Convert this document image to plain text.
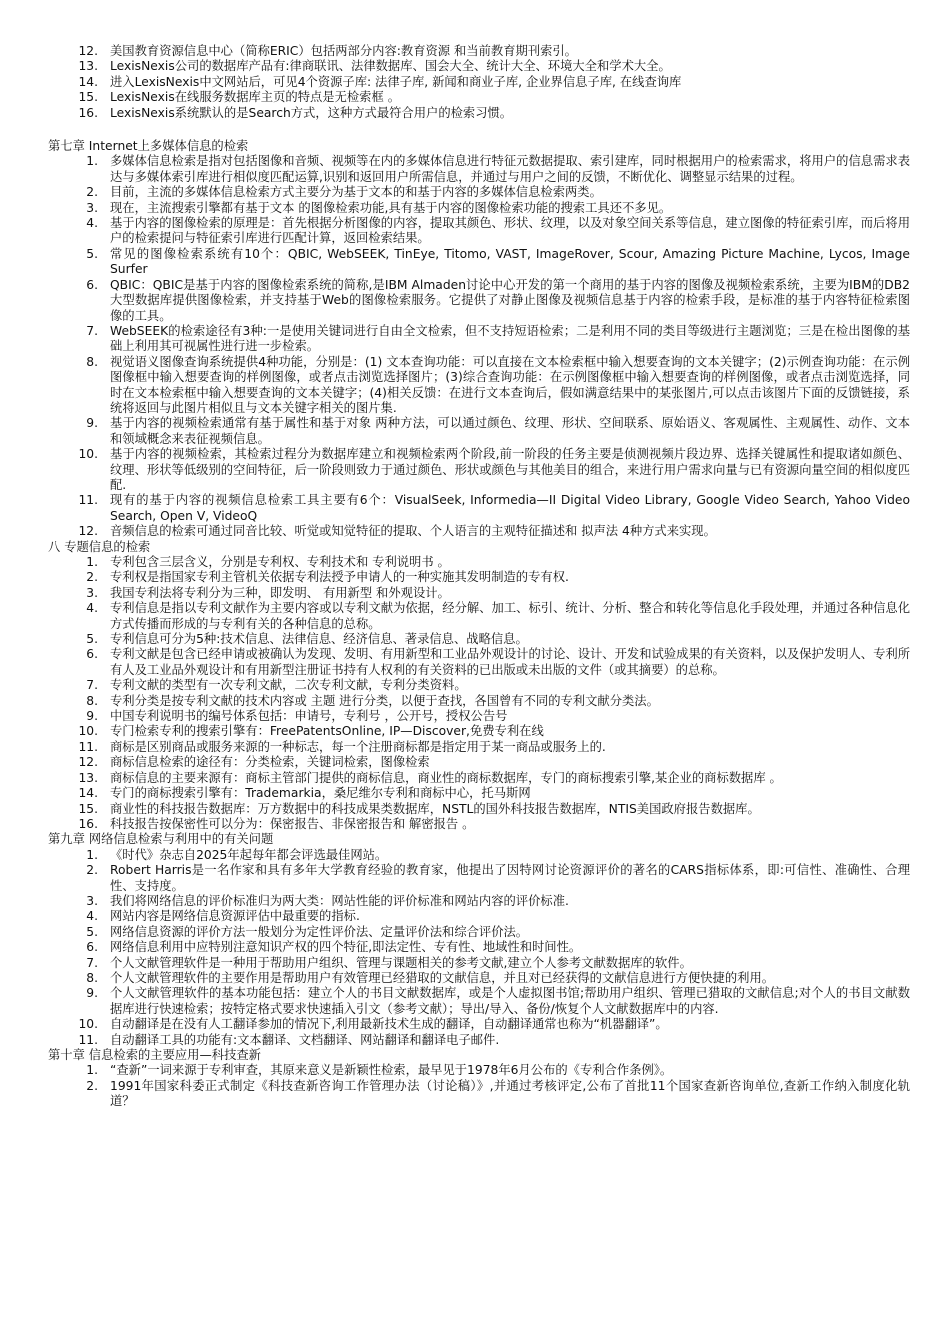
12. 美国教育资源信息中心（简称ERIC）包括两部分内容:教育资源 和当前教育期刊索引。
13. LexisNexis公司的数据库产品有:律商联讯、法律数据库、国会大全、统计大全、环境大全和学术大全。
14. 进入LexisNexis中文网站后，可见4个资源子库: 法律子库, 新闻和商业子库, 企业界信息子库, 在线查询库
15. LexisNexis在线服务数据库主页的特点是无检索框 。
16. LexisNexis系统默认的是Search方式，这种方式最符合用户的检索习惯。
第七章 Internet上多媒体信息的检索
1. 多媒体信息检索是指对包括图像和音频、视频等在内的多媒体信息进行特征元数据提取、索引建库，同时根据用户的检索需求，将用户的信息需求表达与多媒体索引库进行相似度匹配运算,识别和返回用户所需信息，并通过与用户之间的反馈，不断优化、调整显示结果的过程。
2. 目前，主流的多媒体信息检索方式主要分为基于文本的和基于内容的多媒体信息检索两类。
3. 现在，主流搜索引擎都有基于文本 的图像检索功能,具有基于内容的图像检索功能的搜索工具还不多见。
4. 基于内容的图像检索的原理是：首先根据分析图像的内容，提取其颜色、形状、纹理，以及对象空间关系等信息，建立图像的特征索引库，而后将用户的检索提问与特征索引库进行匹配计算，返回检索结果。
5. 常见的图像检索系统有10个：QBIC, WebSEEK, TinEye, Titomo, VAST, ImageRover, Scour, Amazing Picture Machine, Lycos, Image Surfer
6. QBIC：QBIC是基于内容的图像检索系统的简称,是IBM Almaden讨论中心开发的第一个商用的基于内容的图像及视频检索系统，主要为IBM的DB2大型数据库提供图像检索，并支持基于Web的图像检索服务。它提供了对静止图像及视频信息基于内容的检索手段，是标准的基于内容特征检索图像的工具。
7. WebSEEK的检索途径有3种:一是使用关键词进行自由全文检索，但不支持短语检索；二是利用不同的类目等级进行主题浏览；三是在检出图像的基础上利用其可视属性进行进一步检索。
8. 视觉语义图像查询系统提供4种功能，分别是：(1) 文本查询功能：可以直接在文本检索框中输入想要查询的文本关键字；(2)示例查询功能：在示例图像框中输入想要查询的样例图像，或者点击浏览选择图片；(3)综合查询功能：在示例图像框中输入想要查询的样例图像，或者点击浏览选择，同时在文本检索框中输入想要查询的文本关键字；(4)相关反馈：在进行文本查询后，假如满意结果中的某张图片,可以点击该图片下面的反馈链接，系统将返回与此图片相似且与文本关键字相关的图片集.
9. 基于内容的视频检索通常有基于属性和基于对象 两种方法，可以通过颜色、纹理、形状、空间联系、原始语义、客观属性、主观属性、动作、文本和领域概念来表征视频信息。
10. 基于内容的视频检索，其检索过程分为数据库建立和视频检索两个阶段,前一阶段的任务主要是侦测视频片段边界、选择关键属性和提取诸如颜色、纹理、形状等低级别的空间特征，后一阶段则致力于通过颜色、形状或颜色与其他美目的组合，来进行用户需求向量与已有资源向量空间的相似度匹配.
11. 现有的基于内容的视频信息检索工具主要有6个：VisualSeek, Informedia—II Digital Video Library, Google Video Search, Yahoo Video Search, Open V, VideoQ
12. 音频信息的检索可通过同音比较、听觉或知觉特征的提取、个人语言的主观特征描述和 拟声法 4种方式来实现。
八 专题信息的检索
1. 专利包含三层含义，分别是专利权、专利技术和 专利说明书 。
2. 专利权是指国家专利主管机关依据专利法授予申请人的一种实施其发明制造的专有权.
3. 我国专利法将专利分为三种，即发明、 有用新型 和外观设计。
4. 专利信息是指以专利文献作为主要内容或以专利文献为依据，经分解、加工、标引、统计、分析、整合和转化等信息化手段处理，并通过各种信息化方式传播而形成的与专利有关的各种信息的总称。
5. 专利信息可分为5种:技术信息、法律信息、经济信息、著录信息、战略信息。
6. 专利文献是包含已经申请或被确认为发现、发明、有用新型和工业品外观设计的讨论、设计、开发和试验成果的有关资料，以及保护发明人、专利所有人及工业品外观设计和有用新型注册证书持有人权利的有关资料的已出版或未出版的文件（或其摘要）的总称。
7. 专利文献的类型有一次专利文献，二次专利文献，专利分类资料。
8. 专利分类是按专利文献的技术内容或 主题 进行分类，以便于查找，各国曾有不同的专利文献分类法。
9. 中国专利说明书的编号体系包括：申请号，专利号 ，公开号，授权公告号
10. 专门检索专利的搜索引擎有：FreePatentsOnline, IP—Discover,免费专利在线
11. 商标是区别商品或服务来源的一种标志，每一个注册商标都是指定用于某一商品或服务上的.
12. 商标信息检索的途径有：分类检索，关键词检索，图像检索
13. 商标信息的主要来源有：商标主管部门提供的商标信息，商业性的商标数据库，专门的商标搜索引擎,某企业的商标数据库 。
14. 专门的商标搜索引擎有：Trademarkia，桑尼维尔专利和商标中心，托马斯网
15. 商业性的科技报告数据库：万方数据中的科技成果类数据库，NSTL的国外科技报告数据库，NTIS美国政府报告数据库。
16. 科技报告按保密性可以分为：保密报告、非保密报告和 解密报告 。
第九章 网络信息检索与利用中的有关问题
1. 《时代》杂志自2025年起每年都会评选最佳网站。
2. Robert Harris是一名作家和具有多年大学教育经验的教育家，他提出了因特网讨论资源评价的著名的CARS指标体系，即:可信性、准确性、合理性、支持度。
3. 我们将网络信息的评价标准归为两大类：网站性能的评价标准和网站内容的评价标准.
4. 网站内容是网络信息资源评估中最重要的指标.
5. 网络信息资源的评价方法一般划分为定性评价法、定量评价法和综合评价法。
6. 网络信息利用中应特别注意知识产权的四个特征,即法定性、专有性、地域性和时间性。
7. 个人文献管理软件是一种用于帮助用户组织、管理与课题相关的参考文献,建立个人参考文献数据库的软件。
8. 个人文献管理软件的主要作用是帮助用户有效管理已经猎取的文献信息，并且对已经获得的文献信息进行方便快捷的利用。
9. 个人文献管理软件的基本功能包括：建立个人的书目文献数据库，或是个人虚拟图书馆;帮助用户组织、管理已猎取的文献信息;对个人的书目文献数据库进行快速检索；按特定格式要求快速插入引文（参考文献）；导出/导入、备份/恢复个人文献数据库中的内容.
10. 自动翻译是在没有人工翻译参加的情况下,利用最新技术生成的翻译，自动翻译通常也称为“机器翻译”。
11. 自动翻译工具的功能有:文本翻译、文档翻译、网站翻译和翻译电子邮件.
第十章 信息检索的主要应用—科技查新
1. “查新”一词来源于专利审查，其原来意义是新颖性检索，最早见于1978年6月公布的《专利合作条例》。
2. 1991年国家科委正式制定《科技查新咨询工作管理办法（讨论稿）》,并通过考核评定,公布了首批11个国家查新咨询单位,查新工作纳入制度化轨道？
